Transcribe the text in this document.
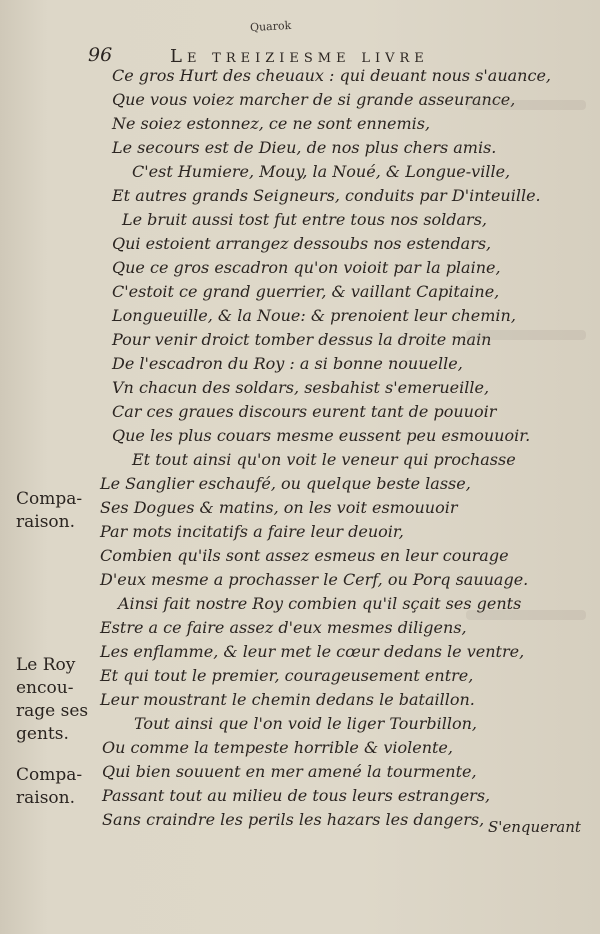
Quarok
96	Le treiziesme livre
Ce gros Hurt des cheuaux : qui deuant nous s'auance,
Que vous voiez marcher de si grande asseurance,
Ne soiez estonnez, ce ne sont ennemis,
Le secours est de Dieu, de nos plus chers amis.
C'est Humiere, Mouy, la Noué, & Longue-ville,
Et autres grands Seigneurs, conduits par D'inteuille.
Le bruit aussi tost fut entre tous nos soldars,
Qui estoient arrangez dessoubs nos estendars,
Que ce gros escadron qu'on voioit par la plaine,
C'estoit ce grand guerrier, & vaillant Capitaine,
Longueuille, & la Noue: & prenoient leur chemin,
Pour venir droict tomber dessus la droite main
De l'escadron du Roy : a si bonne nouuelle,
Vn chacun des soldars, sesbahist s'emerueille,
Car ces graues discours eurent tant de pouuoir
Que les plus couars mesme eussent peu esmouuoir.
Et tout ainsi qu'on voit le veneur qui prochasse
Le Sanglier eschaufé, ou quelque beste lasse,
Ses Dogues & matins, on les voit esmouuoir
Par mots incitatifs a faire leur deuoir,
Combien qu'ils sont assez esmeus en leur courage
D'eux mesme a prochasser le Cerf, ou Porq sauuage.
Ainsi fait nostre Roy combien qu'il sçait ses gents
Estre a ce faire assez d'eux mesmes diligens,
Les enflamme, & leur met le cœur dedans le ventre,
Et qui tout le premier, courageusement entre,
Leur moustrant le chemin dedans le bataillon.
Tout ainsi que l'on void le liger Tourbillon,
Ou comme la tempeste horrible & violente,
Qui bien souuent en mer amené la tourmente,
Passant tout au milieu de tous leurs estrangers,
Sans craindre les perils les hazars les dangers,
Comparaison.
Le Roy encourage ses gents.
Comparaison.
S'enquerant
